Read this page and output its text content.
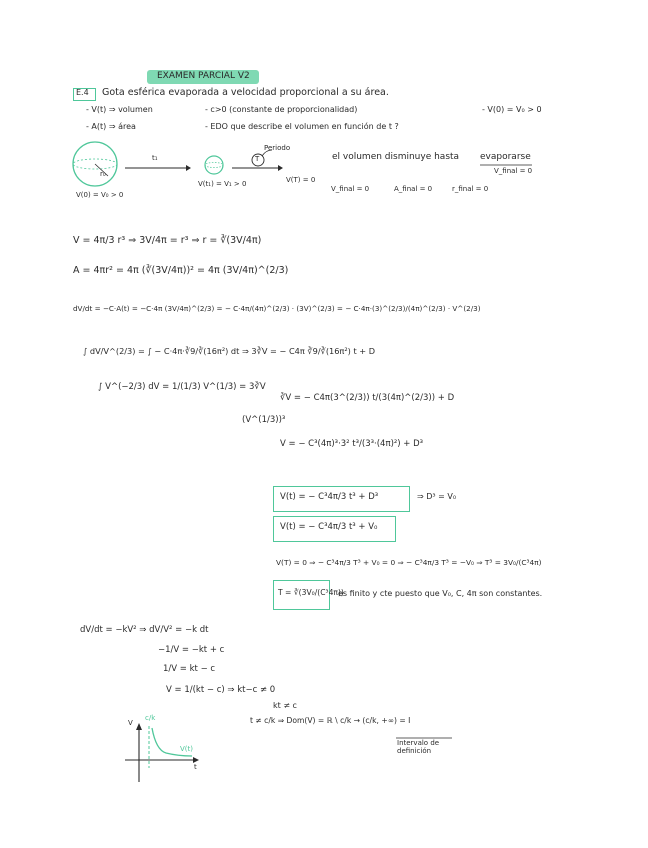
EXAMEN PARCIAL V2
E.4 Gota esférica evaporada a velocidad proporcional a su área.
- V(t) ⇒ volumen
- A(t) ⇒ área
- c>0 (constante de proporcionalidad)	- V(0) = V₀ > 0
- EDO que describe el volumen en función de t ?
t₁
r₀
Periodo
T
V(0) = V₀ > 0
V(t₁) = V₁ > 0	V(T) = 0
el volumen disminuye hasta evaporarse
V_final = 0
V_final = 0	A_final = 0	r_final = 0
V = 4π/3 r³ ⇒ 3V/4π = r³ ⇒ r = ∛(3V/4π)
A = 4πr² = 4π (∛(3V/4π))² = 4π (3V/4π)^(2/3)
dV/dt = −C·A(t) = −C·4π (3V/4π)^(2/3) = − C·4π/(4π)^(2/3) · (3V)^(2/3) = − C·4π·(3)^(2/3)/(4π)^(2/3) · V^(2/3)
∫ dV/V^(2/3) = ∫ − C·4π·∛9/∛(16π²) dt ⇒ 3∛V = − C4π ∛9/∛(16π²) t + D
∫ V^(−2/3) dV = 1/(1/3) V^(1/3) = 3∛V
∛V = − C4π(3^(2/3)) t/(3(4π)^(2/3)) + D
(V^(1/3))³
V = − C³(4π)³·3² t³/(3³·(4π)²) + D³
V(t) = − C³4π/3 t³ + D³	⇒ D³ = V₀
V(t) = − C³4π/3 t³ + V₀
V(T) = 0 ⇒ − C³4π/3 T³ + V₀ = 0 ⇒ − C³4π/3 T³ = −V₀ ⇒ T³ = 3V₀/(C³4π)
T = ∛(3V₀/(C³4π))
es finito y cte puesto que V₀, C, 4π son constantes.
dV/dt = −kV² ⇒ dV/V² = −k dt
−1/V = −kt + c
1/V = kt − c
V = 1/(kt − c) ⇒ kt−c ≠ 0
kt ≠ c
t ≠ c/k ⇒ Dom(V) = ℝ \ c/k → (c/k, +∞) = I
Intervalo de definición
V
c/k
V(t)
t
